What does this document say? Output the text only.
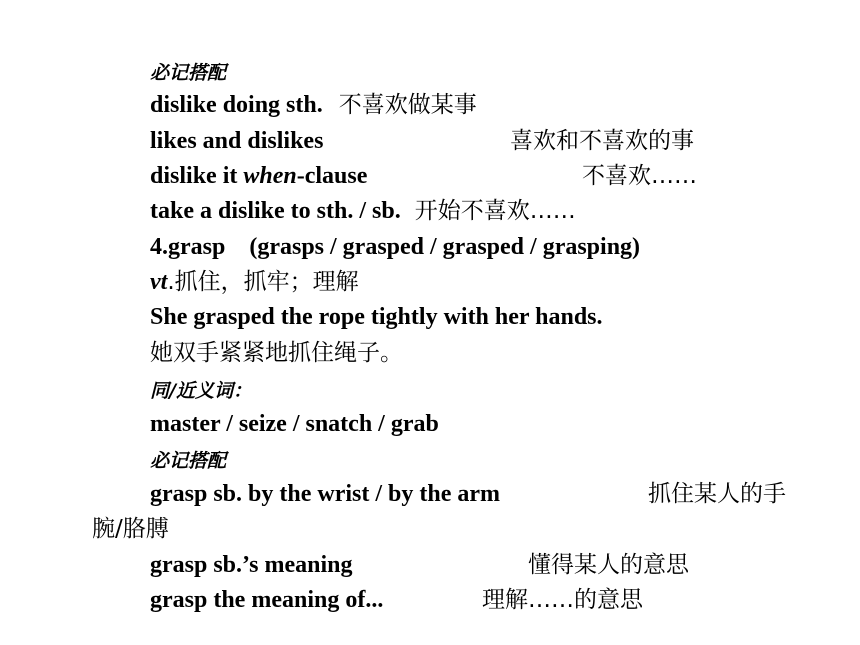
必记搭配
dislike doing sth. 不喜欢做某事
likes and dislikes	喜欢和不喜欢的事
dislike it when-clause	不喜欢……
take a dislike to sth. / sb. 开始不喜欢……
4.grasp　(grasps / grasped / grasped / grasping)
vt.抓住，抓牢；理解
She grasped the rope tightly with her hands.
她双手紧紧地抓住绳子。
同/近义词：
master / seize / snatch / grab
必记搭配
grasp sb. by the wrist / by the arm	抓住某人的手
腕/胳膊
grasp sb.’s meaning	懂得某人的意思
grasp the meaning of...	理解……的意思
